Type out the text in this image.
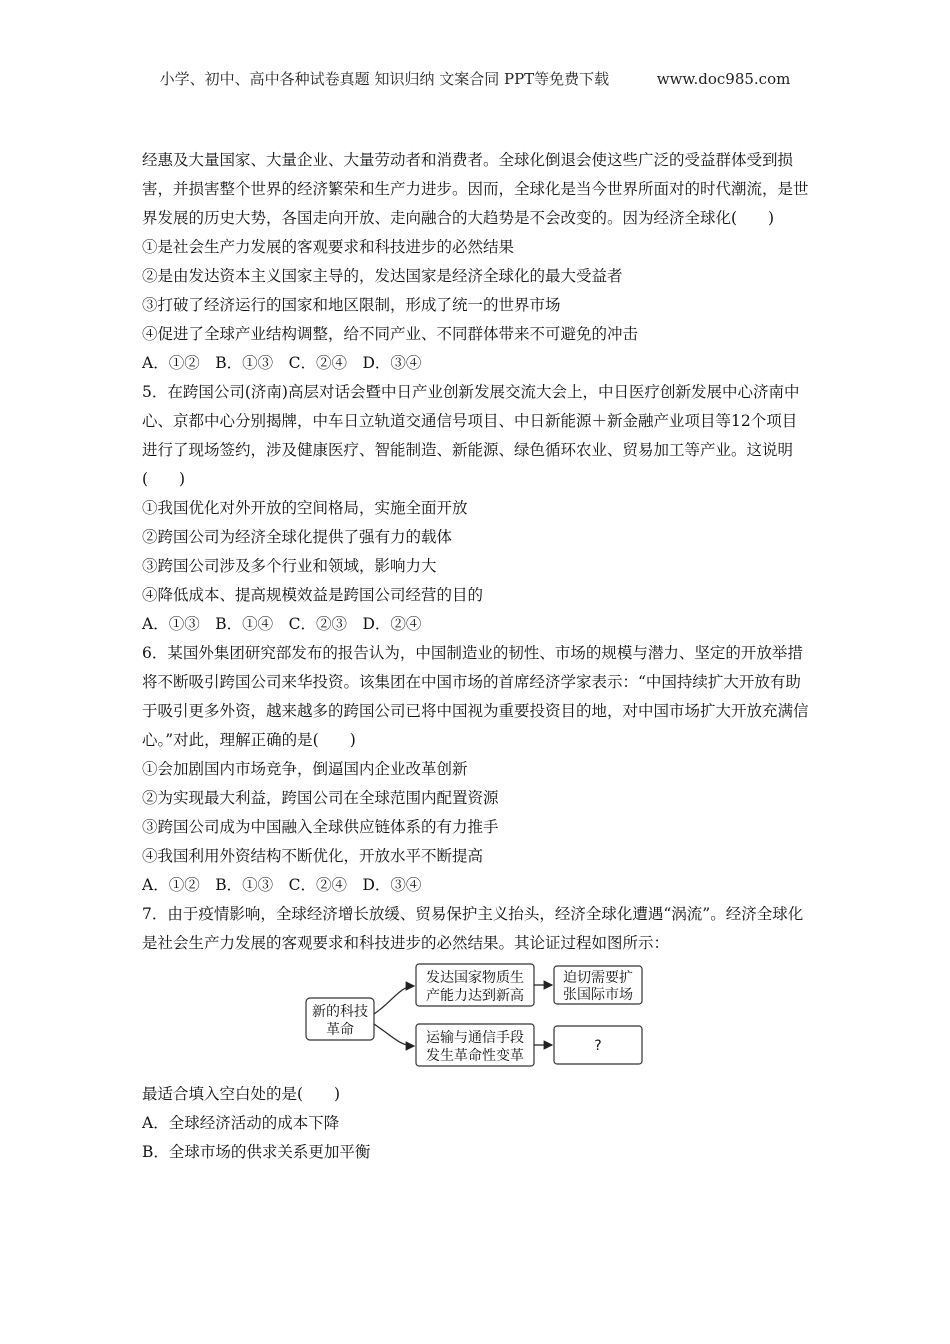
小学、初中、高中各种试卷真题 知识归纳 文案合同 PPT等免费下载	www.doc985.com

经惠及大量国家、大量企业、大量劳动者和消费者。全球化倒退会使这些广泛的受益群体受到损害，并损害整个世界的经济繁荣和生产力进步。因而，全球化是当今世界所面对的时代潮流，是世界发展的历史大势，各国走向开放、走向融合的大趋势是不会改变的。因为经济全球化(　　)

①是社会生产力发展的客观要求和科技进步的必然结果

②是由发达资本主义国家主导的，发达国家是经济全球化的最大受益者

③打破了经济运行的国家和地区限制，形成了统一的世界市场

④促进了全球产业结构调整，给不同产业、不同群体带来不可避免的冲击

A．①②　B．①③　C．②④　D．③④

5．在跨国公司(济南)高层对话会暨中日产业创新发展交流大会上，中日医疗创新发展中心济南中心、京都中心分别揭牌，中车日立轨道交通信号项目、中日新能源＋新金融产业项目等12个项目进行了现场签约，涉及健康医疗、智能制造、新能源、绿色循环农业、贸易加工等产业。这说明(　　)

①我国优化对外开放的空间格局，实施全面开放

②跨国公司为经济全球化提供了强有力的载体

③跨国公司涉及多个行业和领域，影响力大

④降低成本、提高规模效益是跨国公司经营的目的

A．①③　B．①④　C．②③　D．②④

6．某国外集团研究部发布的报告认为，中国制造业的韧性、市场的规模与潜力、坚定的开放举措将不断吸引跨国公司来华投资。该集团在中国市场的首席经济学家表示：“中国持续扩大开放有助于吸引更多外资，越来越多的跨国公司已将中国视为重要投资目的地，对中国市场扩大开放充满信心。”对此，理解正确的是(　　)

①会加剧国内市场竞争，倒逼国内企业改革创新

②为实现最大利益，跨国公司在全球范围内配置资源

③跨国公司成为中国融入全球供应链体系的有力推手

④我国利用外资结构不断优化，开放水平不断提高

A．①②　B．①③　C．②④　D．③④

7．由于疫情影响，全球经济增长放缓、贸易保护主义抬头，经济全球化遭遇“涡流”。经济全球化是社会生产力发展的客观要求和科技进步的必然结果。其论证过程如图所示：

新的科技
革命
发达国家物质生
产能力达到新高
迫切需要扩
张国际市场
运输与通信手段
发生革命性变革
?

最适合填入空白处的是(　　)

A．全球经济活动的成本下降

B．全球市场的供求关系更加平衡
